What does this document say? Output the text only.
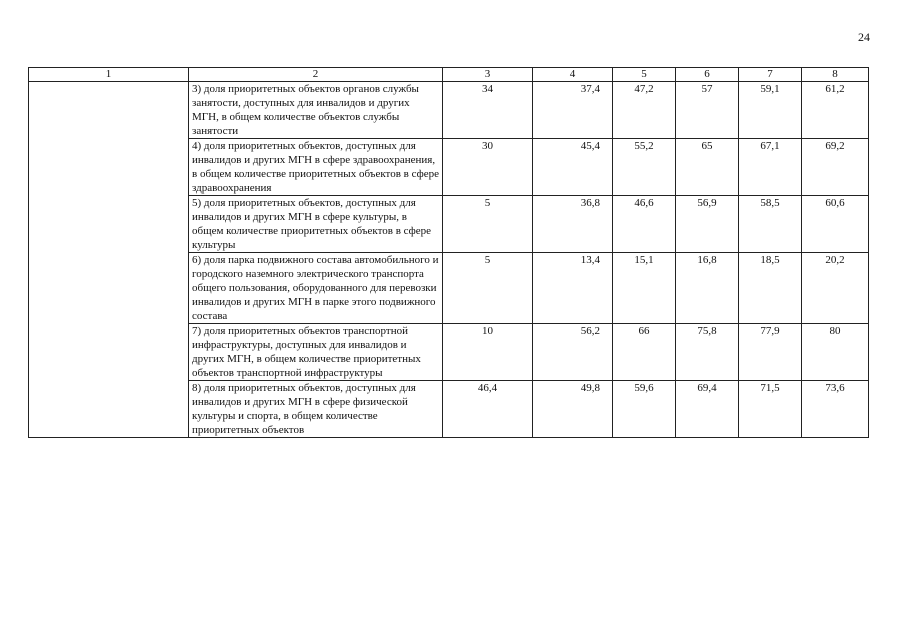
24
1	2	3	4	5	6	7	8
	3) доля приоритетных объектов органов службы занятости, доступных для инвалидов и других МГН, в общем количестве объектов службы занятости	34	37,4	47,2	57	59,1	61,2
	4) доля приоритетных объектов, доступных для инвалидов и других МГН в сфере здравоохранения, в общем количестве приоритетных объектов в сфере здравоохранения	30	45,4	55,2	65	67,1	69,2
	5) доля приоритетных объектов, доступных для инвалидов и других МГН в сфере культуры, в общем количестве приоритетных объектов в сфере культуры	5	36,8	46,6	56,9	58,5	60,6
	6) доля парка подвижного состава автомобильного и городского наземного электрического транспорта общего пользования, оборудованного для перевозки инвалидов и других МГН в парке этого подвижного состава	5	13,4	15,1	16,8	18,5	20,2
	7) доля приоритетных объектов транспортной инфраструктуры, доступных для инвалидов и других МГН, в общем количестве приоритетных объектов транспортной инфраструктуры	10	56,2	66	75,8	77,9	80
	8) доля приоритетных объектов, доступных для инвалидов и других МГН в сфере физической культуры и спорта, в общем количестве приоритетных объектов	46,4	49,8	59,6	69,4	71,5	73,6
